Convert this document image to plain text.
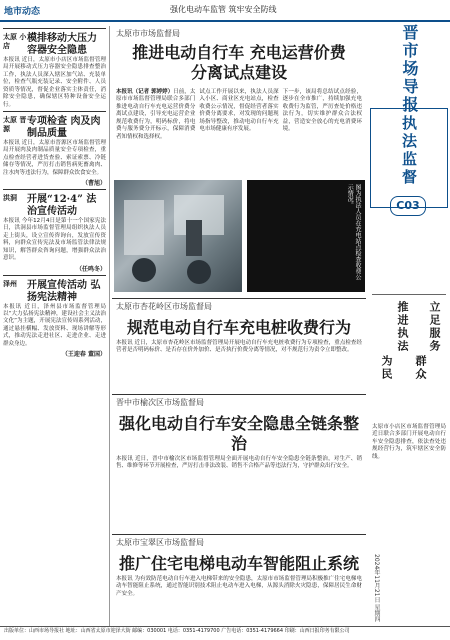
地市动态	强化电动车监管 筑牢安全防线
太原 小店
模排移动大压力 容器安全隐患

本报讯 近日，太原市小店区市场监督管理局开展移动式压力容器安全隐患排查整治工作，执法人员深入辖区加气站、充装单位，检查气瓶充装记录、安全附件、人员资质等情况，督促企业落实主体责任，消除安全隐患，确保辖区特种设备安全运行。

太原 晋源
专项检查 肉及肉制品质量

本报讯 近日，太原市晋源区市场监督管理局开展肉及肉制品质量安全专项检查，重点检查经营者进货查验、索证索票、冷链储存等情况，严厉打击销售病死畜禽肉、注水肉等违法行为，保障群众饮食安全。

（曹旭）

洪洞	开展“12·4” 法治宣传活动

本报讯 今年12月4日是第十一个国家宪法日，洪洞县市场监督管理局组织执法人员走上街头，设立宣传咨询台，发放宣传资料，向群众宣传宪法及市场监管法律法规知识，解答群众咨询问题，增强群众法治意识。

（任鸣冬）

泽州	开展宣传活动 弘扬宪法精神

本报讯 近日，泽州县市场监督管理局以“大力弘扬宪法精神，建设社会主义法治文化”为主题，开展宪法宣传周系列活动，通过悬挂横幅、发放资料、现场讲解等形式，推动宪法走进社区、走进企业、走进群众身边。

（王迎春 董国）

太原市市场监督局
推进电动自行车 充电运营价费分离试点建设
本报讯（记者 郭婷婷）日前，太原市市场监督管理局联合多部门推进电动自行车充电运营价费分离试点建设，引导充电运营企业规范收费行为，明码标价，将电费与服务费分开标示，保障消费者知情权和选择权。
试点工作开展以来，执法人员深入小区、商业区充电站点，检查收费公示情况，督促经营者落实价费分离要求，对发现的问题现场指导整改，推动电动自行车充电市场健康有序发展。
下一步，该局将总结试点经验，逐步在全市推广，持续加强充电收费行为监管，严厉查处价格违法行为，切实维护群众合法权益，营造安全放心的充电消费环境。
图为执法人员在充电站点检查收费公示情况。
太原市杏花岭区市场监督局
规范电动自行车充电桩收费行为
本报讯 近日，太原市杏花岭区市场监督管理局开展电动自行车充电桩收费行为专项检查，重点检查经营者是否明码标价、是否存在价外加价、是否执行价费分离等情况，对不规范行为责令立即整改。
晋中市榆次区市场监督局
强化电动自行车安全隐患全链条整治
本报讯 近日，晋中市榆次区市场监督管理局全面开展电动自行车安全隐患全链条整治，对生产、销售、维修等环节开展检查，严厉打击非法改装、销售不合格产品等违法行为，守护群众出行安全。
太原市宝翠区市场监督局
推广住宅电梯电动车智能阻止系统
本报讯 为有效防范电动自行车进入电梯带来的安全隐患，太原市市场监督管理局积极推广住宅电梯电动车智能阻止系统，通过智能识别技术阻止电动车进入电梯，从源头消除火灾隐患，保障居民生命财产安全。
晋市场导报
执法监督
C03
立足服务
群众
推进执法
为民

太原市小店区市场监督管理局近日联合多部门开展电动自行车安全隐患排查，依法查处违规经营行为，筑牢辖区安全防线。

2024年11月21日 星期四
出版单位：山西市场导报社 地址：山西省太原市迎泽大街 邮编：030001 电话：0351-4179700 广告电话：0351-4179664 印刷：山西日报印务有限公司
